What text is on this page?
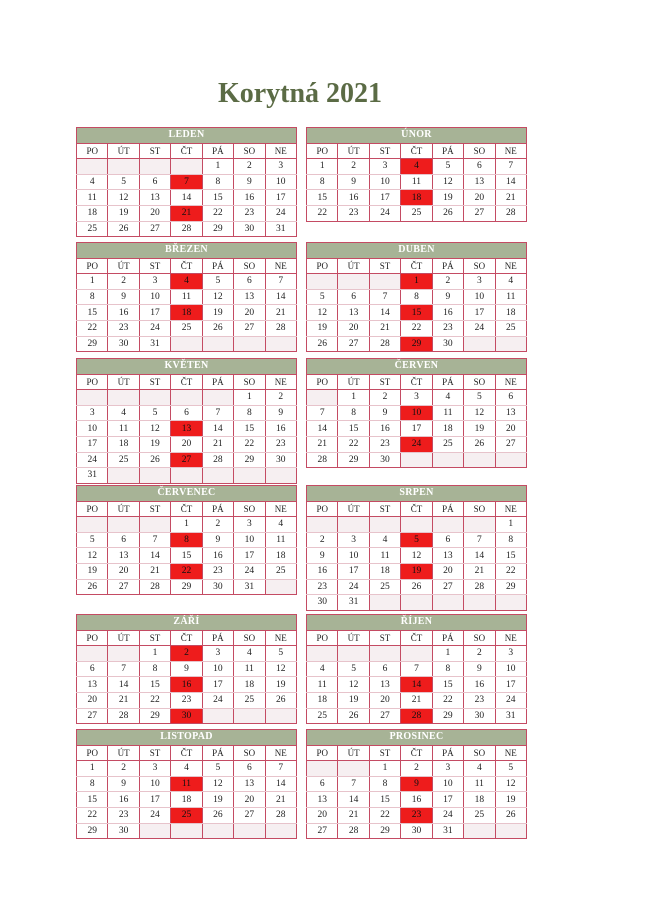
Korytná 2021
LEDEN						
PO	ÚT	ST	ČT	PÁ	SO	NE
				1	2	3
4	5	6	7	8	9	10
11	12	13	14	15	16	17
18	19	20	21	22	23	24
25	26	27	28	29	30	31
ÚNOR						
PO	ÚT	ST	ČT	PÁ	SO	NE
1	2	3	4	5	6	7
8	9	10	11	12	13	14
15	16	17	18	19	20	21
22	23	24	25	26	27	28
BŘEZEN						
PO	ÚT	ST	ČT	PÁ	SO	NE
1	2	3	4	5	6	7
8	9	10	11	12	13	14
15	16	17	18	19	20	21
22	23	24	25	26	27	28
29	30	31				
DUBEN						
PO	ÚT	ST	ČT	PÁ	SO	NE
			1	2	3	4
5	6	7	8	9	10	11
12	13	14	15	16	17	18
19	20	21	22	23	24	25
26	27	28	29	30		
KVĚTEN						
PO	ÚT	ST	ČT	PÁ	SO	NE
					1	2
3	4	5	6	7	8	9
10	11	12	13	14	15	16
17	18	19	20	21	22	23
24	25	26	27	28	29	30
31						
ČERVEN						
PO	ÚT	ST	ČT	PÁ	SO	NE
	1	2	3	4	5	6
7	8	9	10	11	12	13
14	15	16	17	18	19	20
21	22	23	24	25	26	27
28	29	30				
ČERVENEC						
PO	ÚT	ST	ČT	PÁ	SO	NE
			1	2	3	4
5	6	7	8	9	10	11
12	13	14	15	16	17	18
19	20	21	22	23	24	25
26	27	28	29	30	31	
SRPEN						
PO	ÚT	ST	ČT	PÁ	SO	NE
						1
2	3	4	5	6	7	8
9	10	11	12	13	14	15
16	17	18	19	20	21	22
23	24	25	26	27	28	29
30	31					
ZÁŘÍ						
PO	ÚT	ST	ČT	PÁ	SO	NE
		1	2	3	4	5
6	7	8	9	10	11	12
13	14	15	16	17	18	19
20	21	22	23	24	25	26
27	28	29	30			
ŘÍJEN						
PO	ÚT	ST	ČT	PÁ	SO	NE
				1	2	3
4	5	6	7	8	9	10
11	12	13	14	15	16	17
18	19	20	21	22	23	24
25	26	27	28	29	30	31
LISTOPAD						
PO	ÚT	ST	ČT	PÁ	SO	NE
1	2	3	4	5	6	7
8	9	10	11	12	13	14
15	16	17	18	19	20	21
22	23	24	25	26	27	28
29	30					
PROSINEC						
PO	ÚT	ST	ČT	PÁ	SO	NE
		1	2	3	4	5
6	7	8	9	10	11	12
13	14	15	16	17	18	19
20	21	22	23	24	25	26
27	28	29	30	31		
